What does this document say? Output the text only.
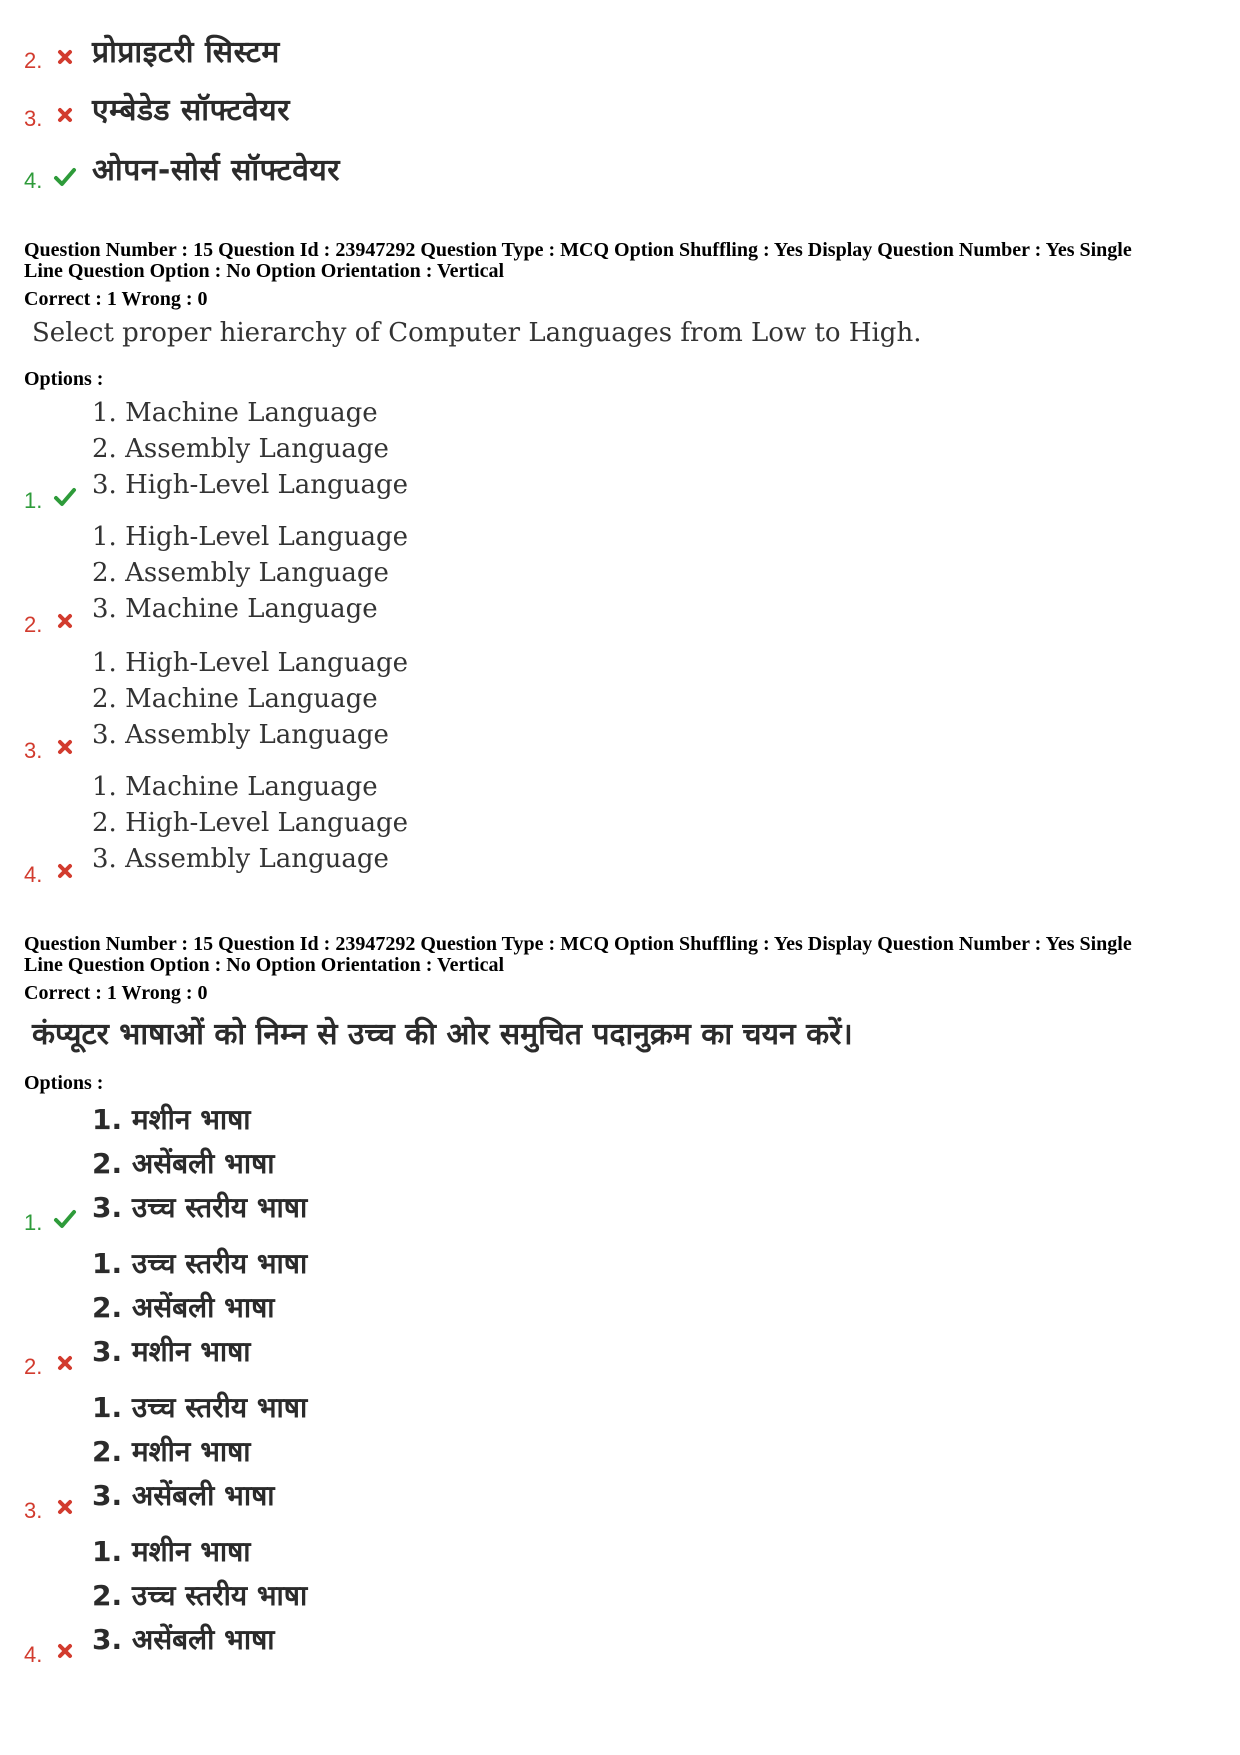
2. प्रोप्राइटरी सिस्टम
3. एम्बेडेड सॉफ्टवेयर
4. ओपन-सोर्स सॉफ्टवेयर
Question Number : 15 Question Id : 23947292 Question Type : MCQ Option Shuffling : Yes Display Question Number : Yes Single
Line Question Option : No Option Orientation : Vertical
Correct : 1 Wrong : 0
Select proper hierarchy of Computer Languages from Low to High.
Options :
1. Machine Language
2. Assembly Language
3. High-Level Language
1.
1. High-Level Language
2. Assembly Language
3. Machine Language
2.
1. High-Level Language
2. Machine Language
3. Assembly Language
3.
1. Machine Language
2. High-Level Language
3. Assembly Language
4.
Question Number : 15 Question Id : 23947292 Question Type : MCQ Option Shuffling : Yes Display Question Number : Yes Single
Line Question Option : No Option Orientation : Vertical
Correct : 1 Wrong : 0
कंप्यूटर भाषाओं को निम्न से उच्च की ओर समुचित पदानुक्रम का चयन करें।
Options :
1. मशीन भाषा
2. असेंबली भाषा
3. उच्च स्तरीय भाषा
1.
1. उच्च स्तरीय भाषा
2. असेंबली भाषा
3. मशीन भाषा
2.
1. उच्च स्तरीय भाषा
2. मशीन भाषा
3. असेंबली भाषा
3.
1. मशीन भाषा
2. उच्च स्तरीय भाषा
3. असेंबली भाषा
4.
